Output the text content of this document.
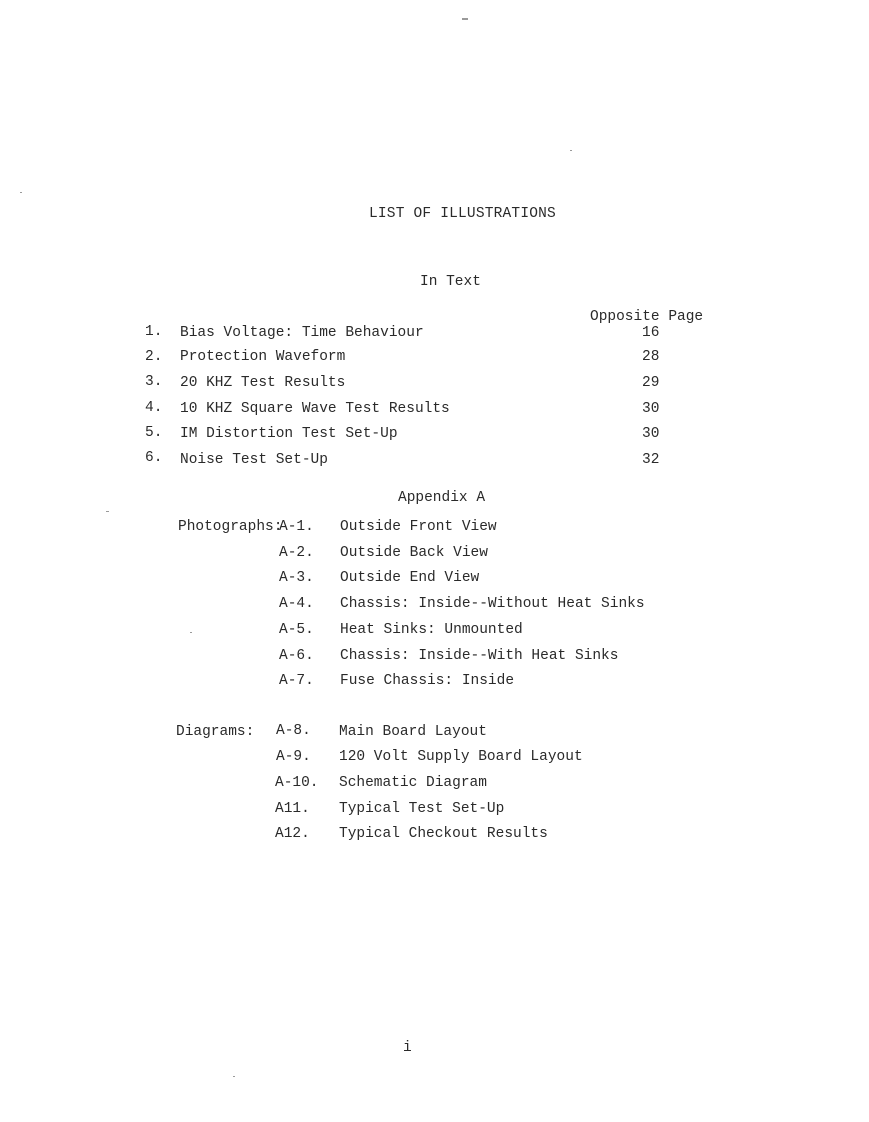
LIST OF ILLUSTRATIONS
In Text
Opposite Page
1. Bias Voltage: Time Behaviour	16
2. Protection Waveform	28
3. 20 KHZ Test Results	29
4. 10 KHZ Square Wave Test Results	30
5. IM Distortion Test Set-Up	30
6. Noise Test Set-Up	32
Appendix A
Photographs:
A-1. Outside Front View
A-2. Outside Back View
A-3. Outside End View
A-4. Chassis: Inside--Without Heat Sinks
A-5. Heat Sinks: Unmounted
A-6. Chassis: Inside--With Heat Sinks
A-7. Fuse Chassis: Inside
Diagrams: A-8. Main Board Layout
A-9. 120 Volt Supply Board Layout
A-10. Schematic Diagram
A11. Typical Test Set-Up
A12. Typical Checkout Results
i
